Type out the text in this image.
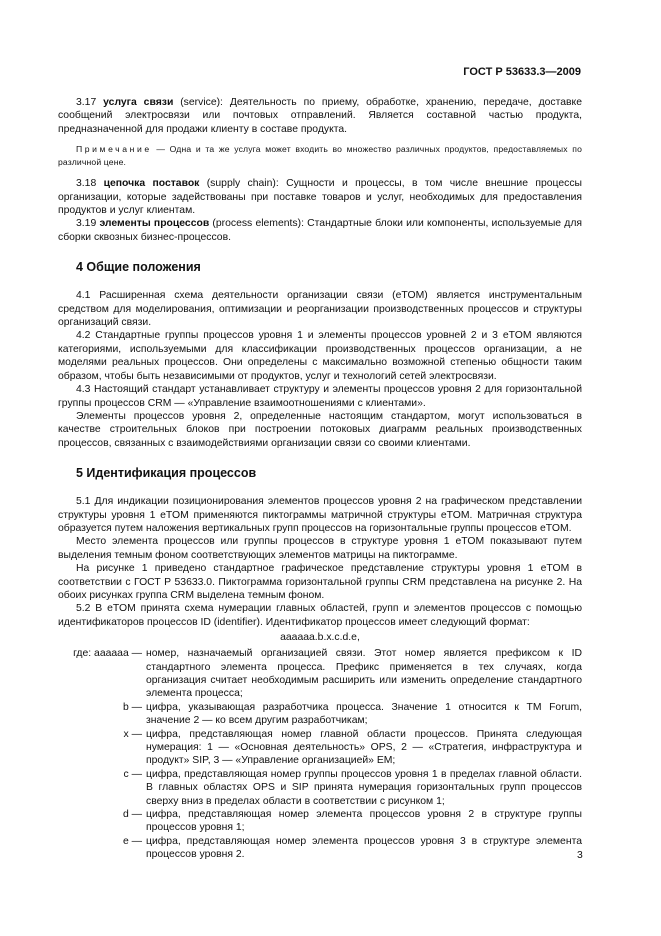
ГОСТ Р 53633.3—2009

3.17 услуга связи (service): Деятельность по приему, обработке, хранению, передаче, доставке сообщений электросвязи или почтовых отправлений. Является составной частью продукта, предназначенной для продажи клиенту в составе продукта.

Примечание — Одна и та же услуга может входить во множество различных продуктов, предоставляемых по различной цене.

3.18 цепочка поставок (supply chain): Сущности и процессы, в том числе внешние процессы организации, которые задействованы при поставке товаров и услуг, необходимых для предоставления продуктов и услуг клиентам.

3.19 элементы процессов (process elements): Стандартные блоки или компоненты, используемые для сборки сквозных бизнес-процессов.

4 Общие положения

4.1 Расширенная схема деятельности организации связи (eTOM) является инструментальным средством для моделирования, оптимизации и реорганизации производственных процессов и структуры организаций связи.

4.2 Стандартные группы процессов уровня 1 и элементы процессов уровней 2 и 3 eTOM являются категориями, используемыми для классификации производственных процессов организации, а не моделями реальных процессов. Они определены с максимально возможной степенью общности таким образом, чтобы быть независимыми от продуктов, услуг и технологий сетей электросвязи.

4.3 Настоящий стандарт устанавливает структуру и элементы процессов уровня 2 для горизонтальной группы процессов CRM — «Управление взаимоотношениями с клиентами».

Элементы процессов уровня 2, определенные настоящим стандартом, могут использоваться в качестве строительных блоков при построении потоковых диаграмм реальных производственных процессов, связанных с взаимодействиями организации связи со своими клиентами.

5 Идентификация процессов

5.1 Для индикации позиционирования элементов процессов уровня 2 на графическом представлении структуры уровня 1 eTOM применяются пиктограммы матричной структуры eTOM. Матричная структура образуется путем наложения вертикальных групп процессов на горизонтальные группы процессов eTOM.

Место элемента процессов или группы процессов в структуре уровня 1 eTOM показывают путем выделения темным фоном соответствующих элементов матрицы на пиктограмме.

На рисунке 1 приведено стандартное графическое представление структуры уровня 1 eTOM в соответствии с ГОСТ Р 53633.0. Пиктограмма горизонтальной группы CRM представлена на рисунке 2. На обоих рисунках группа CRM выделена темным фоном.

5.2 В eTOM принята схема нумерации главных областей, групп и элементов процессов с помощью идентификаторов процессов ID (identifier). Идентификатор процессов имеет следующий формат:

aaaaaa.b.x.c.d.e,
где: aaaaaa — номер, назначаемый организацией связи. Этот номер является префиксом к ID стандартного элемента процесса. Префикс применяется в тех случаях, когда организация считает необходимым расширить или изменить определение стандартного элемента процесса;
b — цифра, указывающая разработчика процесса. Значение 1 относится к TM Forum, значение 2 — ко всем другим разработчикам;
x — цифра, представляющая номер главной области процессов. Принята следующая нумерация: 1 — «Основная деятельность» OPS, 2 — «Стратегия, инфраструктура и продукт» SIP, 3 — «Управление организацией» EM;
c — цифра, представляющая номер группы процессов уровня 1 в пределах главной области. В главных областях OPS и SIP принята нумерация горизонтальных групп процессов сверху вниз в пределах области в соответствии с рисунком 1;
d — цифра, представляющая номер элемента процессов уровня 2 в структуре группы процессов уровня 1;
e — цифра, представляющая номер элемента процессов уровня 3 в структуре элемента процессов уровня 2.	3
